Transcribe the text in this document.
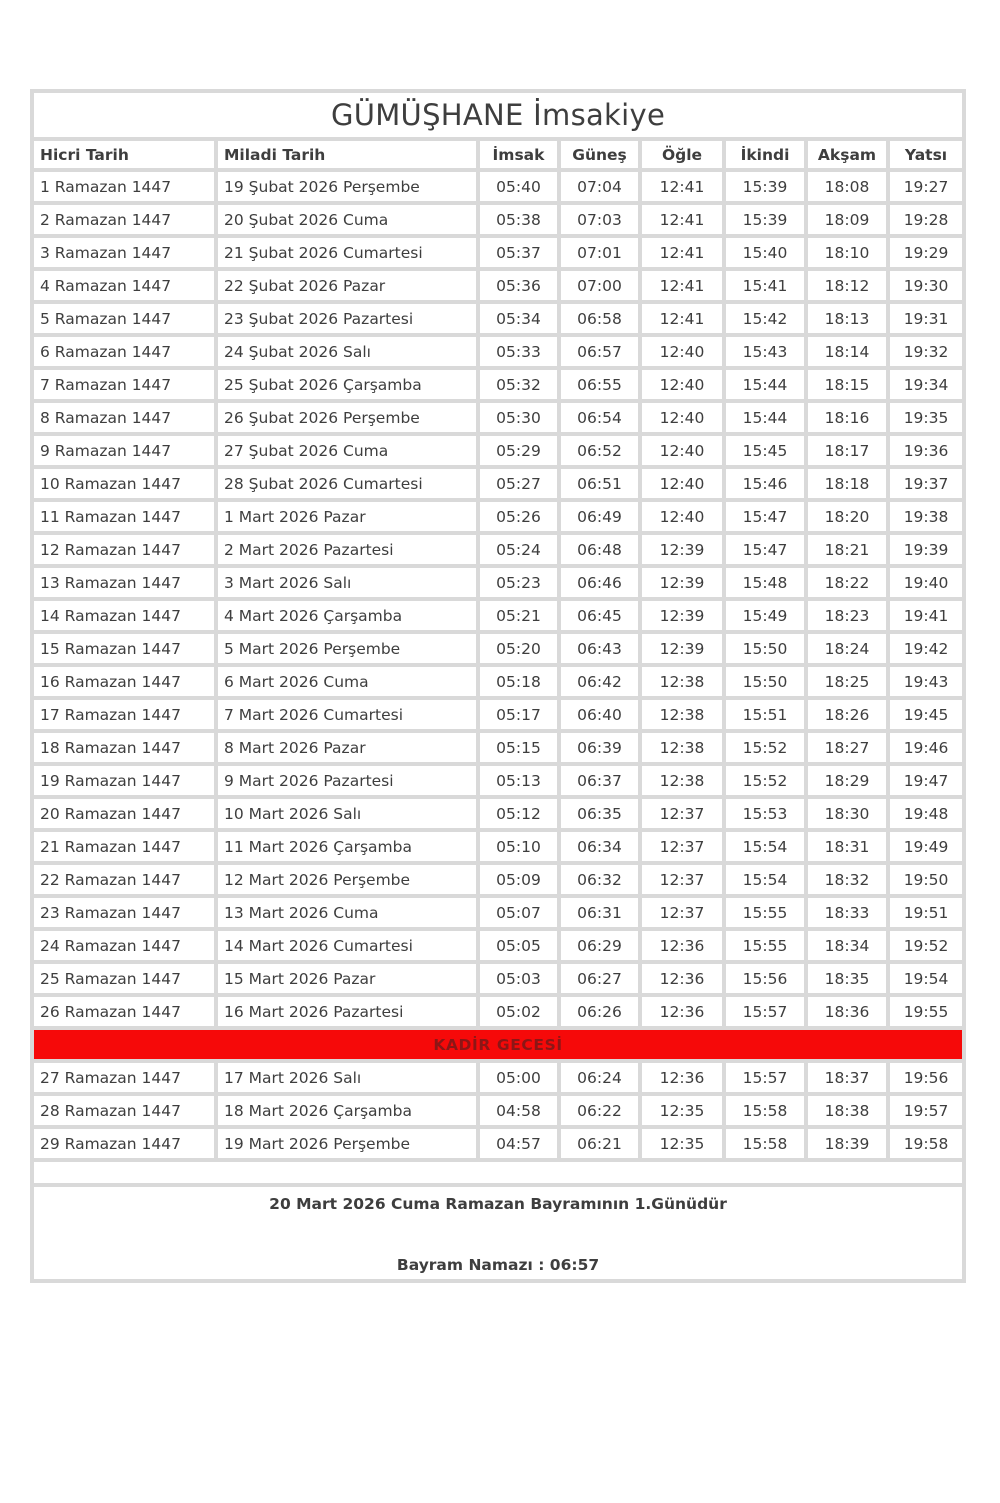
GÜMÜŞHANE İmsakiye							
Hicri Tarih	Miladi Tarih	İmsak	Güneş	Öğle	İkindi	Akşam	Yatsı
1 Ramazan 1447	19 Şubat 2026 Perşembe	05:40	07:04	12:41	15:39	18:08	19:27
2 Ramazan 1447	20 Şubat 2026 Cuma	05:38	07:03	12:41	15:39	18:09	19:28
3 Ramazan 1447	21 Şubat 2026 Cumartesi	05:37	07:01	12:41	15:40	18:10	19:29
4 Ramazan 1447	22 Şubat 2026 Pazar	05:36	07:00	12:41	15:41	18:12	19:30
5 Ramazan 1447	23 Şubat 2026 Pazartesi	05:34	06:58	12:41	15:42	18:13	19:31
6 Ramazan 1447	24 Şubat 2026 Salı	05:33	06:57	12:40	15:43	18:14	19:32
7 Ramazan 1447	25 Şubat 2026 Çarşamba	05:32	06:55	12:40	15:44	18:15	19:34
8 Ramazan 1447	26 Şubat 2026 Perşembe	05:30	06:54	12:40	15:44	18:16	19:35
9 Ramazan 1447	27 Şubat 2026 Cuma	05:29	06:52	12:40	15:45	18:17	19:36
10 Ramazan 1447	28 Şubat 2026 Cumartesi	05:27	06:51	12:40	15:46	18:18	19:37
11 Ramazan 1447	1 Mart 2026 Pazar	05:26	06:49	12:40	15:47	18:20	19:38
12 Ramazan 1447	2 Mart 2026 Pazartesi	05:24	06:48	12:39	15:47	18:21	19:39
13 Ramazan 1447	3 Mart 2026 Salı	05:23	06:46	12:39	15:48	18:22	19:40
14 Ramazan 1447	4 Mart 2026 Çarşamba	05:21	06:45	12:39	15:49	18:23	19:41
15 Ramazan 1447	5 Mart 2026 Perşembe	05:20	06:43	12:39	15:50	18:24	19:42
16 Ramazan 1447	6 Mart 2026 Cuma	05:18	06:42	12:38	15:50	18:25	19:43
17 Ramazan 1447	7 Mart 2026 Cumartesi	05:17	06:40	12:38	15:51	18:26	19:45
18 Ramazan 1447	8 Mart 2026 Pazar	05:15	06:39	12:38	15:52	18:27	19:46
19 Ramazan 1447	9 Mart 2026 Pazartesi	05:13	06:37	12:38	15:52	18:29	19:47
20 Ramazan 1447	10 Mart 2026 Salı	05:12	06:35	12:37	15:53	18:30	19:48
21 Ramazan 1447	11 Mart 2026 Çarşamba	05:10	06:34	12:37	15:54	18:31	19:49
22 Ramazan 1447	12 Mart 2026 Perşembe	05:09	06:32	12:37	15:54	18:32	19:50
23 Ramazan 1447	13 Mart 2026 Cuma	05:07	06:31	12:37	15:55	18:33	19:51
24 Ramazan 1447	14 Mart 2026 Cumartesi	05:05	06:29	12:36	15:55	18:34	19:52
25 Ramazan 1447	15 Mart 2026 Pazar	05:03	06:27	12:36	15:56	18:35	19:54
26 Ramazan 1447	16 Mart 2026 Pazartesi	05:02	06:26	12:36	15:57	18:36	19:55
KADİR GECESİ							
27 Ramazan 1447	17 Mart 2026 Salı	05:00	06:24	12:36	15:57	18:37	19:56
28 Ramazan 1447	18 Mart 2026 Çarşamba	04:58	06:22	12:35	15:58	18:38	19:57
29 Ramazan 1447	19 Mart 2026 Perşembe	04:57	06:21	12:35	15:58	18:39	19:58

20 Mart 2026 Cuma Ramazan Bayramının 1.Günüdür
Bayram Namazı : 06:57							
